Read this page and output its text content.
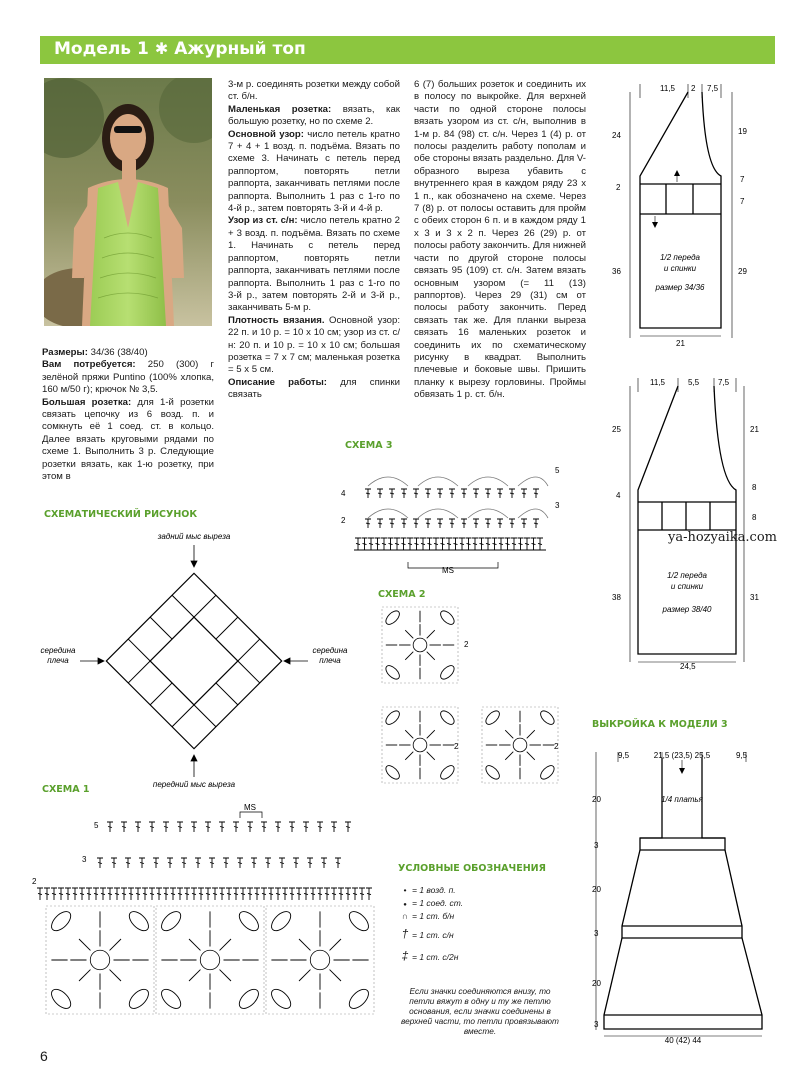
Модель 1 ✱ Ажурный топ

Размеры: 34/36 (38/40)

Вам потребуется: 250 (300) г зелёной пряжи Puntino (100% хлопка, 160 м/50 г); крючок № 3,5.

Большая розетка: для 1-й розетки связать цепочку из 6 возд. п. и сомкнуть её 1 соед. ст. в кольцо. Далее вязать круговыми рядами по схеме 1. Выполнить 3 р. Следующие розетки вязать, как 1-ю розетку, при этом в

3-м р. соединять розетки между собой ст. б/н.

Маленькая розетка: вязать, как большую розетку, но по схеме 2.

Основной узор: число петель кратно 7 + 4 + 1 возд. п. подъёма. Вязать по схеме 3. Начинать с петель перед раппортом, повторять петли раппорта, заканчивать петлями после раппорта. Выполнить 1 раз с 1-го по 4-й р., затем повторять 3-й и 4-й р.

Узор из ст. с/н: число петель кратно 2 + 3 возд. п. подъёма. Вязать по схеме 1. Начинать с петель перед раппортом, повторять петли раппорта, заканчивать петлями после раппорта. Выполнить 1 раз с 1-го по 3-й р., затем повторять 2-й и 3-й р., заканчивать 5-м р.

Плотность вязания. Основной узор: 22 п. и 10 р. = 10 х 10 см; узор из ст. с/н: 20 п. и 10 р. = 10 х 10 см; большая розетка = 7 х 7 см; маленькая розетка = 5 х 5 см.

Описание работы: для спинки связать

6 (7) больших розеток и соединить их в полосу по выкройке. Для верхней части по одной стороне полосы вязать узором из ст. с/н, выполнив в 1-м р. 84 (98) ст. с/н. Через 1 (4) р. от полосы разделить работу пополам и обе стороны вязать раздельно. Для V-образного выреза убавить с внутреннего края в каждом ряду 23 х 1 п., как обозначено на схеме. Через 7 (8) р. от полосы оставить для пройм с обеих сторон 6 п. и в каждом ряду 1 х 3 и 3 х 2 п. Через 26 (29) р. от полосы работу закончить. Для нижней части по другой стороне полосы связать 95 (109) ст. с/н. Затем вязать основным узором (= 11 (13) раппортов). Через 29 (31) см от полосы работу закончить. Перед связать так же. Для планки выреза связать 16 маленьких розеток и соединить их по схематическому рисунку в квадрат. Выполнить плечевые и боковые швы. Пришить планку к вырезу горловины. Проймы обвязать 1 р. ст. б/н.

СХЕМАТИЧЕСКИЙ РИСУНОК
СХЕМА 1
СХЕМА 2
СХЕМА 3
УСЛОВНЫЕ ОБОЗНАЧЕНИЯ
ВЫКРОЙКА К МОДЕЛИ 3
задний мыс выреза
передний мыс выреза
середина
плеча
середина
плеча
4
2
5
3
MS
2
2	2
5
3
2
MS
• = 1 возд. п.
● = 1 соед. ст.
∩ = 1 ст. б/н
† = 1 ст. с/н
‡ = 1 ст. с/2н
Если значки соединяются внизу, то
петли вяжут в одну и ту же петлю
основания, если значки соединены в
верхней части, то петли провязывают
вместе.
11,5 2 7,5
24
2
36
19
7
7
29
21
1/2 переда
и спинки
размер 34/36
11,5	5,5 7,5
25
4
38
21
8
8
31
24,5
1/2 переда
и спинки
размер 38/40
9,5	21,5 (23,5) 25,5	9,5
20
3
20
3
20
3
40 (42) 44
1/4 платья
ya-hozyaika.com
6
